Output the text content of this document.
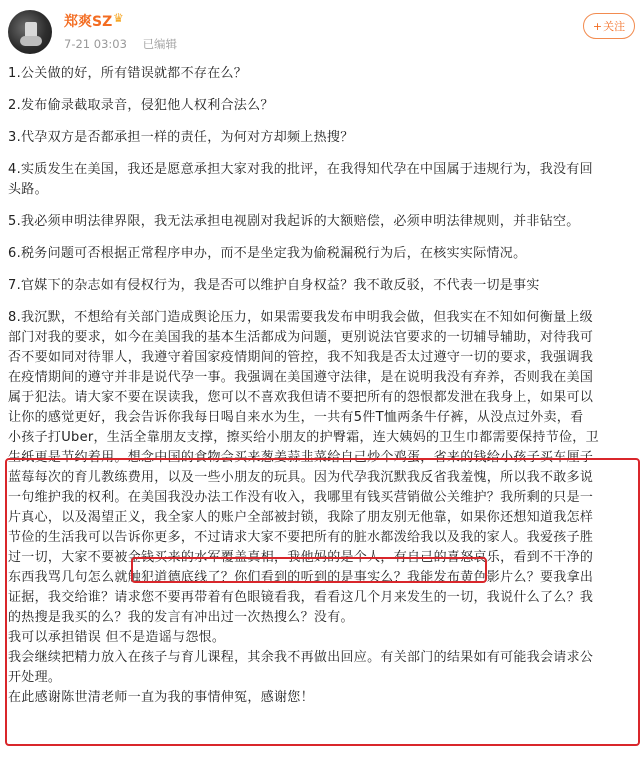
郑爽SZ ♛
7-21 03:03 已编辑
+ 关注

1.公关做的好，所有错误就都不存在么？

2.发布偷录截取录音，侵犯他人权利合法么？

3.代孕双方是否都承担一样的责任，为何对方却频上热搜？

4.实质发生在美国，我还是愿意承担大家对我的批评，在我得知代孕在中国属于违规行为，我没有回
头路。

5.我必须申明法律界限，我无法承担电视剧对我起诉的大额赔偿，必须申明法律规则，并非钻空。

6.税务问题可否根据正常程序申办，而不是坐定我为偷税漏税行为后，在核实实际情况。

7.官媒下的杂志如有侵权行为，我是否可以维护自身权益？我不敢反驳，不代表一切是事实

8.我沉默，不想给有关部门造成舆论压力，如果需要我发布申明我会做，但我实在不知如何衡量上级
部门对我的要求，如今在美国我的基本生活都成为问题，更别说法官要求的一切辅导辅助，对待我可
否不要如同对待罪人，我遵守着国家疫情期间的管控，我不知我是否太过遵守一切的要求，我强调我
在疫情期间的遵守并非是说代孕一事。我强调在美国遵守法律，是在说明我没有弃养，否则我在美国
属于犯法。请大家不要在误读我，您可以不喜欢我但请不要把所有的怨恨都发泄在我身上，如果可以
让你的感觉更好，我会告诉你我每日喝自来水为生，一共有5件T恤两条牛仔裤，从没点过外卖，看
小孩子打Uber，生活全靠朋友支撑，擦买给小朋友的护臀霜，连大姨妈的卫生巾都需要保持节俭，卫
生纸更是节约着用。想念中国的食物会买来葱姜蒜韭菜给自己炒个鸡蛋，省来的钱给小孩子买车厘子
蓝莓每次的育儿教练费用，以及一些小朋友的玩具。因为代孕我沉默我反省我羞愧，所以我不敢多说
一句维护我的权利。在美国我没办法工作没有收入，我哪里有钱买营销做公关维护？我所剩的只是一
片真心，以及渴望正义，我全家人的账户全部被封锁，我除了朋友别无他靠，如果你还想知道我怎样
节俭的生活我可以告诉你更多，不过请求大家不要把所有的脏水都泼给我以及我的家人。我爱孩子胜
过一切，大家不要被金钱买来的水军覆盖真相，我他妈的是个人，有自己的喜怒哀乐，看到不干净的
东西我骂几句怎么就触犯道德底线了？你们看到的听到的是事实么？我能发布黄色影片么？要我拿出
证据，我交给谁？请求您不要再带着有色眼镜看我，看看这几个月来发生的一切，我说什么了么？我
的热搜是我买的么？我的发言有冲出过一次热搜么？没有。
我可以承担错误 但不是造谣与怨恨。
我会继续把精力放入在孩子与育儿课程，其余我不再做出回应。有关部门的结果如有可能我会请求公
开处理。
在此感谢陈世清老师一直为我的事情伸冤，感谢您！
